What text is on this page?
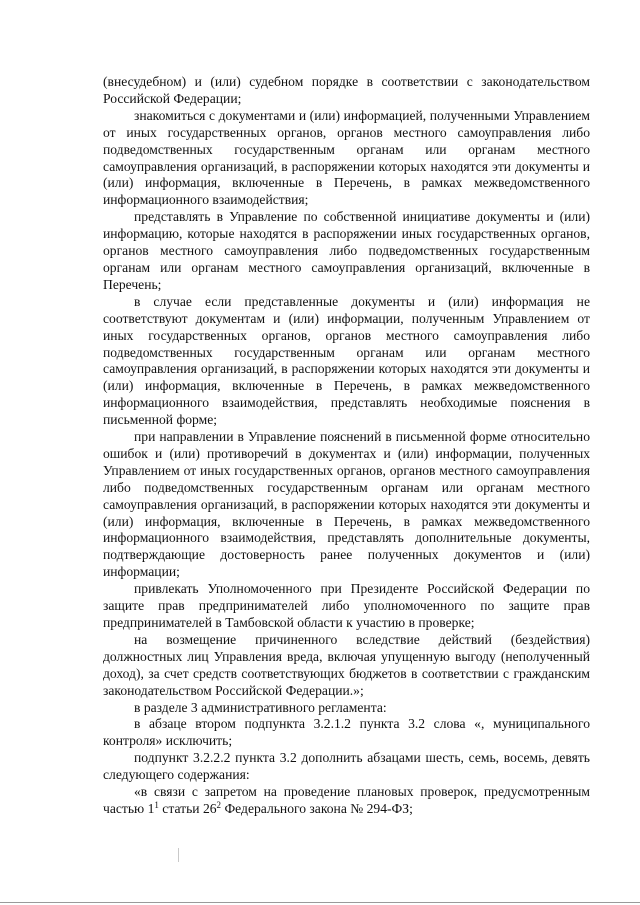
(внесудебном) и (или) судебном порядке в соответствии с законодательством Российской Федерации;

знакомиться с документами и (или) информацией, полученными Управлением от иных государственных органов, органов местного самоуправления либо подведомственных государственным органам или органам местного самоуправления организаций, в распоряжении которых находятся эти документы и (или) информация, включенные в Перечень, в рамках межведомственного информационного взаимодействия;

представлять в Управление по собственной инициативе документы и (или) информацию, которые находятся в распоряжении иных государственных органов, органов местного самоуправления либо подведомственных государственным органам или органам местного самоуправления организаций, включенные в Перечень;

в случае если представленные документы и (или) информация не соответствуют документам и (или) информации, полученным Управлением от иных государственных органов, органов местного самоуправления либо подведомственных государственным органам или органам местного самоуправления организаций, в распоряжении которых находятся эти документы и (или) информация, включенные в Перечень, в рамках межведомственного информационного взаимодействия, представлять необходимые пояснения в письменной форме;

при направлении в Управление пояснений в письменной форме относительно ошибок и (или) противоречий в документах и (или) информации, полученных Управлением от иных государственных органов, органов местного самоуправления либо подведомственных государственным органам или органам местного самоуправления организаций, в распоряжении которых находятся эти документы и (или) информация, включенные в Перечень, в рамках межведомственного информационного взаимодействия, представлять дополнительные документы, подтверждающие достоверность ранее полученных документов и (или) информации;

привлекать Уполномоченного при Президенте Российской Федерации по защите прав предпринимателей либо уполномоченного по защите прав предпринимателей в Тамбовской области к участию в проверке;

на возмещение причиненного вследствие действий (бездействия) должностных лиц Управления вреда, включая упущенную выгоду (неполученный доход), за счет средств соответствующих бюджетов в соответствии с гражданским законодательством Российской Федерации.»;

в разделе 3 административного регламента:

в абзаце втором подпункта 3.2.1.2 пункта 3.2 слова «, муниципального контроля» исключить;

подпункт 3.2.2.2 пункта 3.2 дополнить абзацами шесть, семь, восемь, девять следующего содержания:

«в связи с запретом на проведение плановых проверок, предусмотренным частью $1^1$ статьи $26^2$ Федерального закона № 294-ФЗ;
